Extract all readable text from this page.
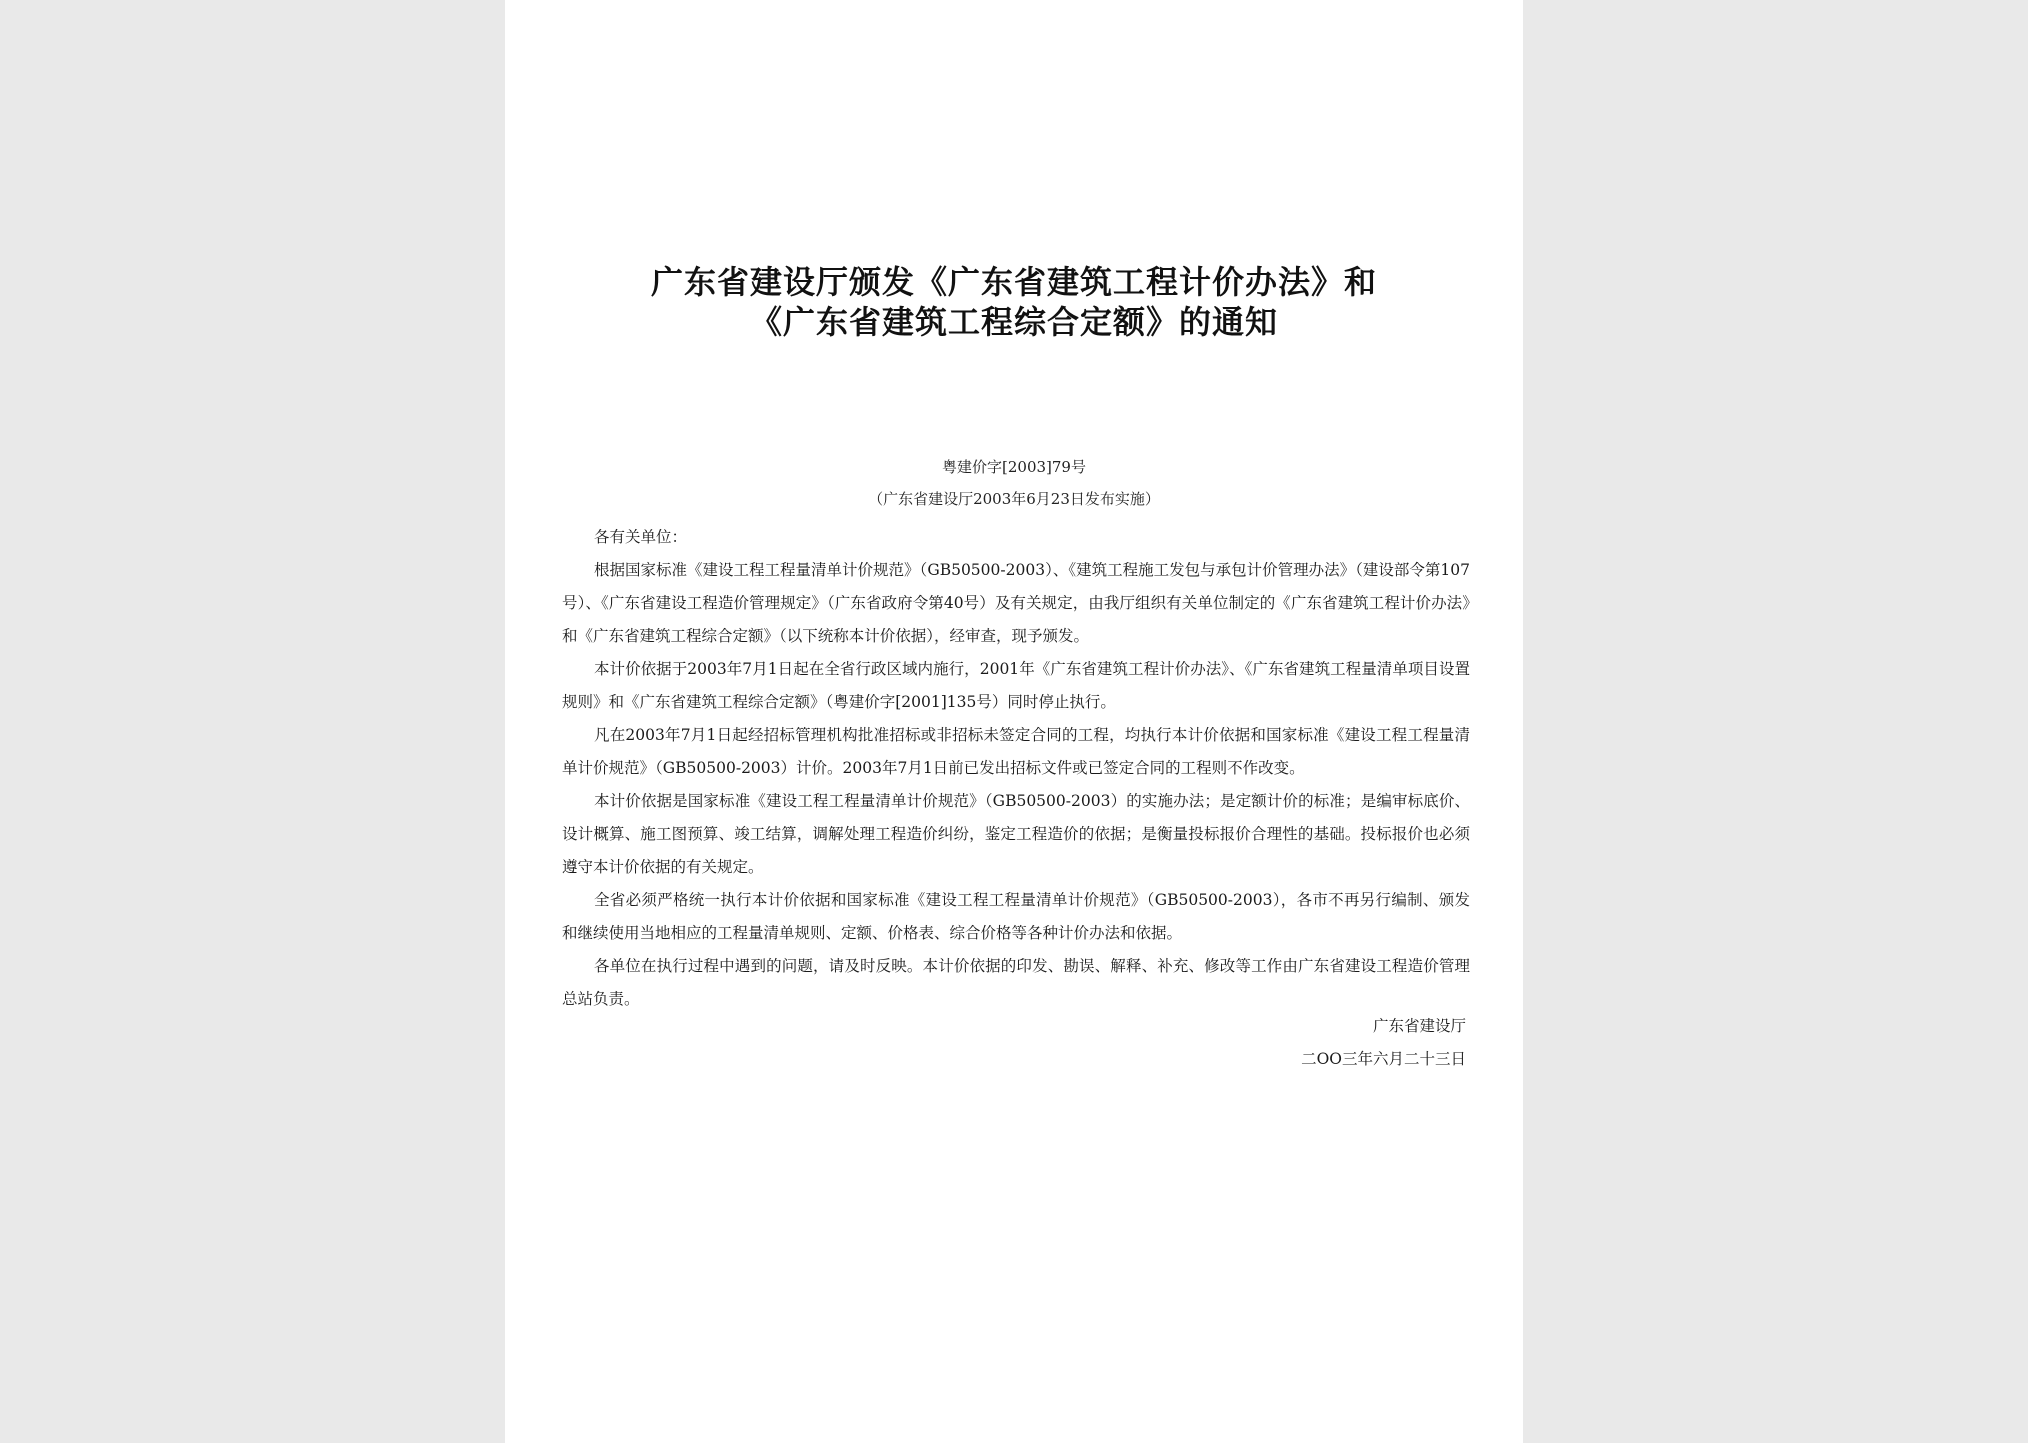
广东省建设厅颁发《广东省建筑工程计价办法》和
《广东省建筑工程综合定额》的通知
粤建价字[2003]79号
（广东省建设厅2003年6月23日发布实施）

各有关单位：

根据国家标准《建设工程工程量清单计价规范》（GB50500-2003）、《建筑工程施工发包与承包计价管理办法》（建设部令第107号）、《广东省建设工程造价管理规定》（广东省政府令第40号）及有关规定，由我厅组织有关单位制定的《广东省建筑工程计价办法》和《广东省建筑工程综合定额》（以下统称本计价依据），经审查，现予颁发。

本计价依据于2003年7月1日起在全省行政区域内施行，2001年《广东省建筑工程计价办法》、《广东省建筑工程量清单项目设置规则》和《广东省建筑工程综合定额》（粤建价字[2001]135号）同时停止执行。

凡在2003年7月1日起经招标管理机构批准招标或非招标未签定合同的工程，均执行本计价依据和国家标准《建设工程工程量清单计价规范》（GB50500-2003）计价。2003年7月1日前已发出招标文件或已签定合同的工程则不作改变。

本计价依据是国家标准《建设工程工程量清单计价规范》（GB50500-2003）的实施办法；是定额计价的标准；是编审标底价、设计概算、施工图预算、竣工结算，调解处理工程造价纠纷，鉴定工程造价的依据；是衡量投标报价合理性的基础。投标报价也必须遵守本计价依据的有关规定。

全省必须严格统一执行本计价依据和国家标准《建设工程工程量清单计价规范》（GB50500-2003），各市不再另行编制、颁发和继续使用当地相应的工程量清单规则、定额、价格表、综合价格等各种计价办法和依据。

各单位在执行过程中遇到的问题，请及时反映。本计价依据的印发、勘误、解释、补充、修改等工作由广东省建设工程造价管理总站负责。

广东省建设厅
二OO三年六月二十三日
